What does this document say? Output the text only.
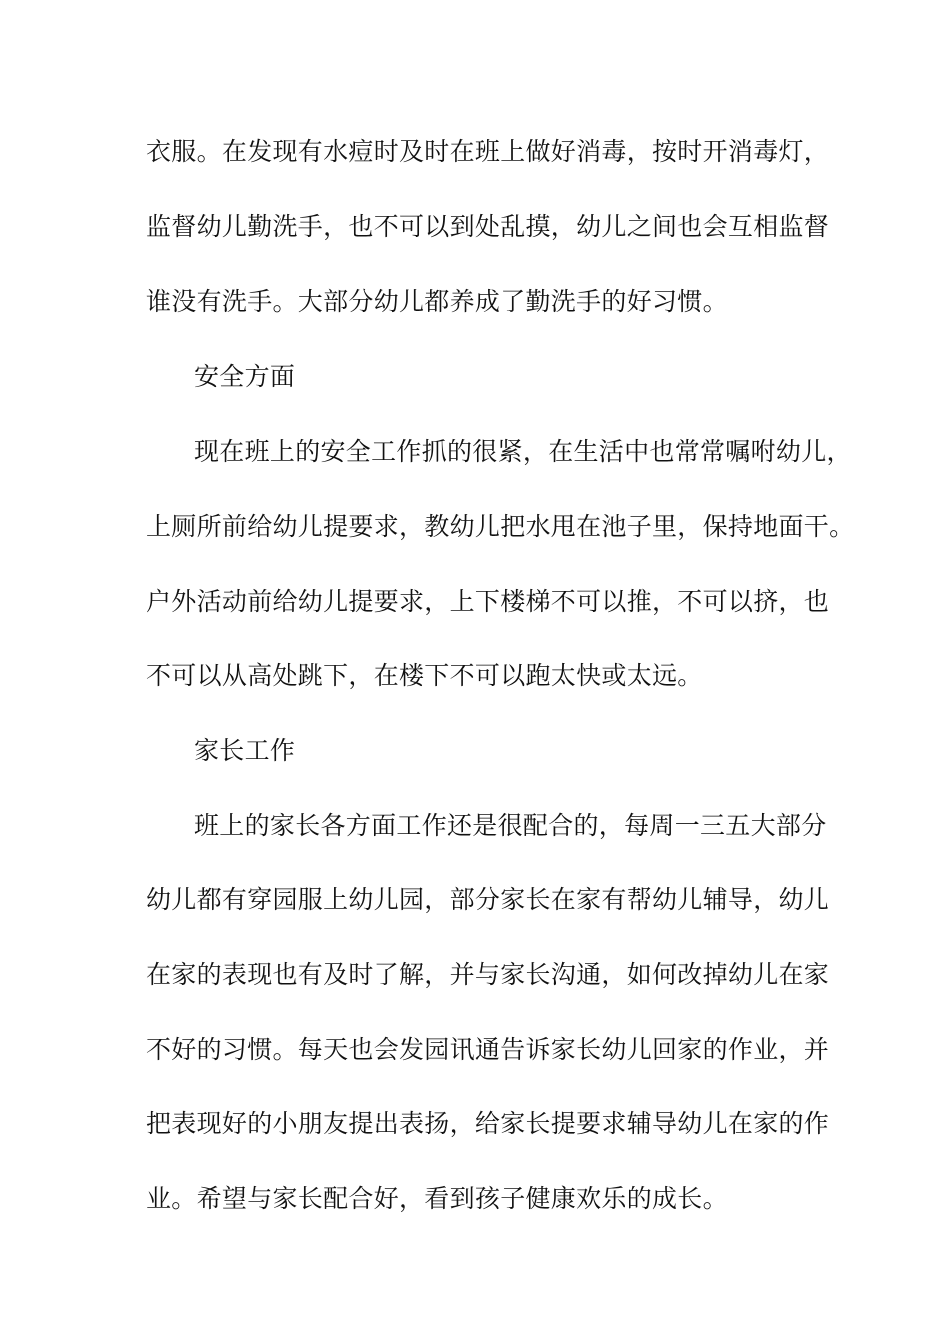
衣服。在发现有水痘时及时在班上做好消毒，按时开消毒灯，
监督幼儿勤洗手，也不可以到处乱摸，幼儿之间也会互相监督
谁没有洗手。大部分幼儿都养成了勤洗手的好习惯。
安全方面
现在班上的安全工作抓的很紧，在生活中也常常嘱咐幼儿，
上厕所前给幼儿提要求，教幼儿把水甩在池子里，保持地面干。
户外活动前给幼儿提要求，上下楼梯不可以推，不可以挤，也
不可以从高处跳下，在楼下不可以跑太快或太远。
家长工作
班上的家长各方面工作还是很配合的，每周一三五大部分
幼儿都有穿园服上幼儿园，部分家长在家有帮幼儿辅导，幼儿
在家的表现也有及时了解，并与家长沟通，如何改掉幼儿在家
不好的习惯。每天也会发园讯通告诉家长幼儿回家的作业，并
把表现好的小朋友提出表扬，给家长提要求辅导幼儿在家的作
业。希望与家长配合好，看到孩子健康欢乐的成长。
